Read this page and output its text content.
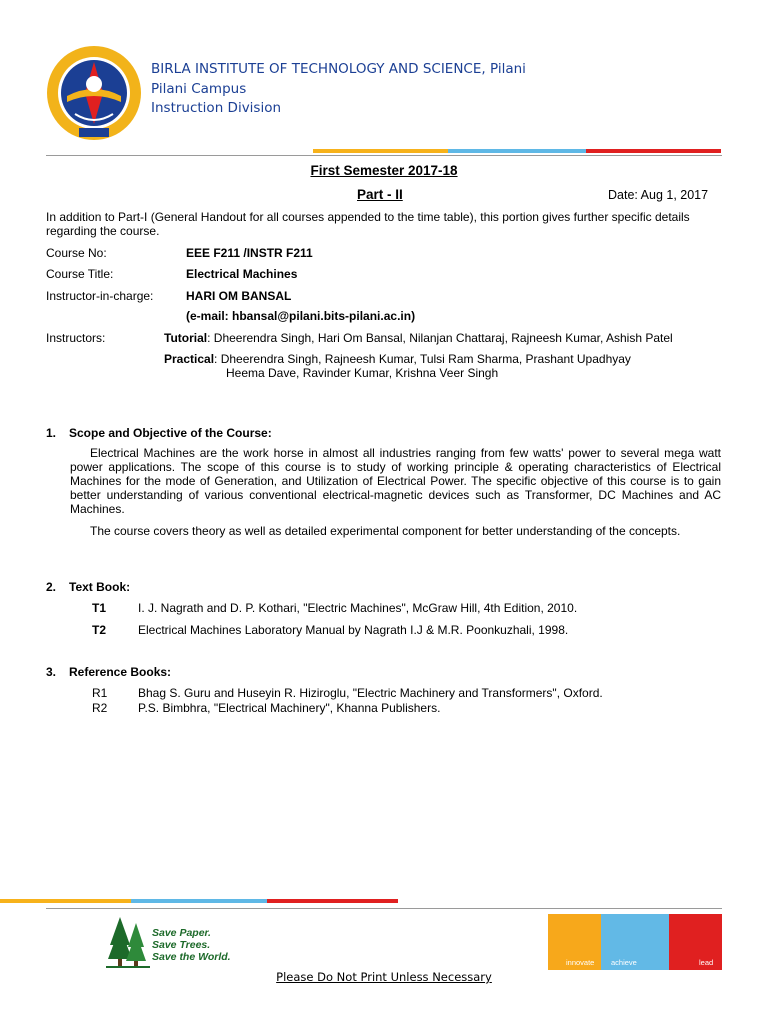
BIRLA INSTITUTE OF TECHNOLOGY AND SCIENCE, Pilani
Pilani Campus
Instruction Division
First Semester 2017-18
Part - II	Date: Aug 1, 2017
In addition to Part-I (General Handout for all courses appended to the time table), this portion gives further specific details regarding the course.
Course No:	EEE F211 /INSTR F211
Course Title:	Electrical Machines
Instructor-in-charge:	HARI OM BANSAL
(e-mail: hbansal@pilani.bits-pilani.ac.in)
Instructors:	Tutorial: Dheerendra Singh, Hari Om Bansal, Nilanjan Chattaraj, Rajneesh Kumar, Ashish Patel
Practical: Dheerendra Singh, Rajneesh Kumar, Tulsi Ram Sharma, Prashant Upadhyay
Heema Dave, Ravinder Kumar, Krishna Veer Singh
1. Scope and Objective of the Course:
Electrical Machines are the work horse in almost all industries ranging from few watts' power to several mega watt power applications. The scope of this course is to study of working principle & operating characteristics of Electrical Machines for the mode of Generation, and Utilization of Electrical Power. The specific objective of this course is to gain better understanding of various conventional electrical-magnetic devices such as Transformer, DC Machines and AC Machines.
The course covers theory as well as detailed experimental component for better understanding of the concepts.
2. Text Book:
T1	I. J. Nagrath and D. P. Kothari, "Electric Machines", McGraw Hill, 4th Edition, 2010.
T2	Electrical Machines Laboratory Manual by Nagrath I.J & M.R. Poonkuzhali, 1998.
3. Reference Books:
R1	Bhag S. Guru and Huseyin R. Hiziroglu, "Electric Machinery and Transformers", Oxford.
R2	P.S. Bimbhra, "Electrical Machinery", Khanna Publishers.
Save Paper.
Save Trees.
Save the World.	innovate achieve	lead
Please Do Not Print Unless Necessary
